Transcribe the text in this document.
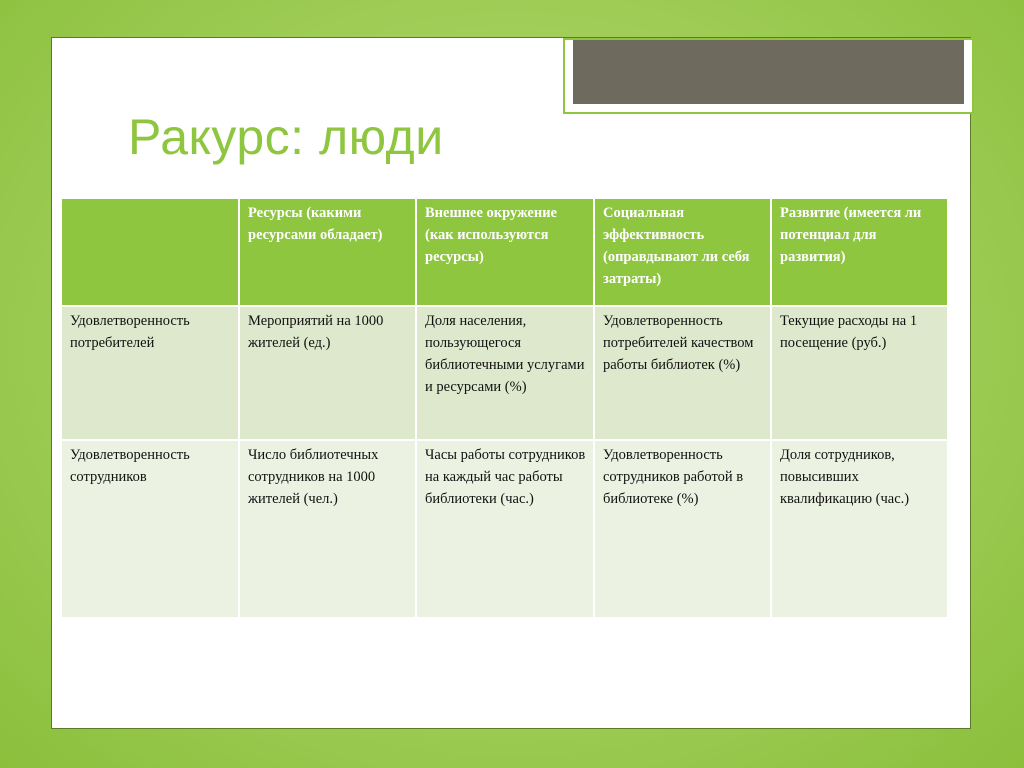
Ракурс: люди
	Ресурсы (какими ресурсами обладает)	Внешнее окружение (как используются ресурсы)	Социальная эффективность (оправдывают ли себя затраты)	Развитие (имеется ли потенциал для развития)
Удовлетворенность потребителей	Мероприятий на 1000 жителей (ед.)	Доля населения, пользующегося библиотечными услугами и ресурсами (%)	Удовлетворенность потребителей качеством работы библиотек (%)	Текущие расходы на 1 посещение (руб.)
Удовлетворенность сотрудников	Число библиотечных сотрудников на 1000 жителей (чел.)	Часы работы сотрудников на каждый час работы библиотеки (час.)	Удовлетворенность сотрудников работой в библиотеке (%)	Доля сотрудников, повысивших квалификацию (час.)
